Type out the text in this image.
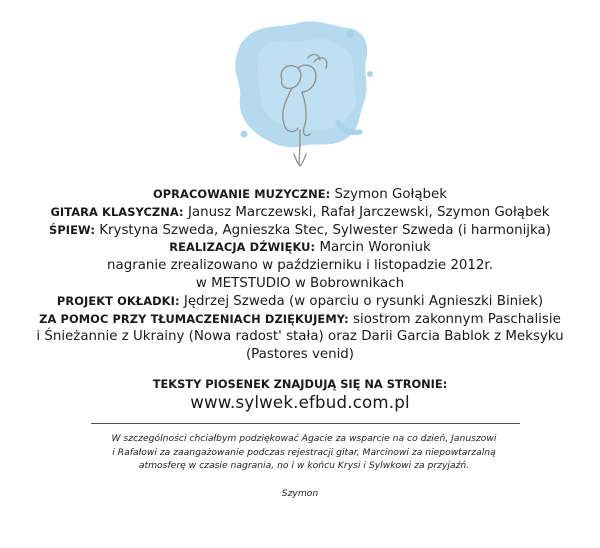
OPRACOWANIE MUZYCZNE: Szymon Gołąbek
GITARA KLASYCZNA: Janusz Marczewski, Rafał Jarczewski, Szymon Gołąbek
ŚPIEW: Krystyna Szweda, Agnieszka Stec, Sylwester Szweda (i harmonijka)
REALIZACJA DŹWIĘKU: Marcin Woroniuk
nagranie zrealizowano w październiku i listopadzie 2012r.
w METSTUDIO w Bobrownikach
PROJEKT OKŁADKI: Jędrzej Szweda (w oparciu o rysunki Agnieszki Biniek)
ZA POMOC PRZY TŁUMACZENIACH DZIĘKUJEMY: siostrom zakonnym Paschalisie
i Śnieżannie z Ukrainy (Nowa radost' stała) oraz Darii Garcia Bablok z Meksyku
(Pastores venid)
TEKSTY PIOSENEK ZNAJDUJĄ SIĘ NA STRONIE:
www.sylwek.efbud.com.pl
W szczególności chciałbym podziękować Agacie za wsparcie na co dzień, Januszowi
i Rafałowi za zaangażowanie podczas rejestracji gitar, Marcinowi za niepowtarzalną
atmosferę w czasie nagrania, no i w końcu Krysi i Sylwkowi za przyjaźń.
Szymon
